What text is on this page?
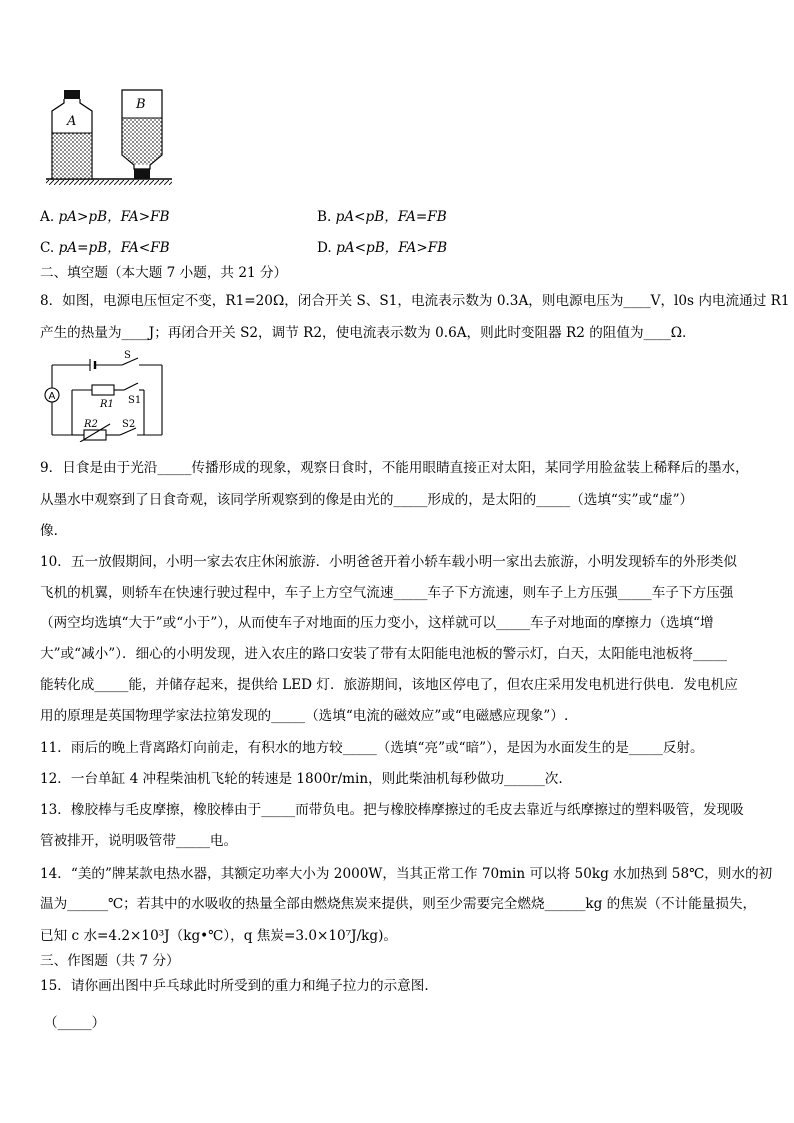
A
B
A. pA>pB，FA>FB	B. pA<pB，FA=FB
C. pA=pB，FA<FB	D. pA<pB，FA>FB
二、填空题（本大题 7 小题，共 21 分）
8．如图，电源电压恒定不变，R1=20Ω，闭合开关 S、S1，电流表示数为 0.3A，则电源电压为____V，l0s 内电流通过 R1
产生的热量为____J；再闭合开关 S2，调节 R2，使电流表示数为 0.6A，则此时变阻器 R2 的阻值为____Ω.
A
S
S1
R1
R2 S2
9．日食是由于光沿_____传播形成的现象，观察日食时，不能用眼睛直接正对太阳，某同学用脸盆装上稀释后的墨水，
从墨水中观察到了日食奇观，该同学所观察到的像是由光的_____形成的，是太阳的_____（选填“实”或“虚”）
像.
10．五一放假期间，小明一家去农庄休闲旅游．小明爸爸开着小轿车载小明一家出去旅游，小明发现轿车的外形类似
飞机的机翼，则轿车在快速行驶过程中，车子上方空气流速_____车子下方流速，则车子上方压强_____车子下方压强
（两空均选填“大于”或“小于”），从而使车子对地面的压力变小，这样就可以_____车子对地面的摩擦力（选填“增
大”或“减小”）．细心的小明发现，进入农庄的路口安装了带有太阳能电池板的警示灯，白天，太阳能电池板将_____
能转化成_____能，并储存起来，提供给 LED 灯．旅游期间，该地区停电了，但农庄采用发电机进行供电．发电机应
用的原理是英国物理学家法拉第发现的_____（选填“电流的磁效应”或“电磁感应现象”）.
11．雨后的晚上背离路灯向前走，有积水的地方较_____（选填“亮”或“暗”），是因为水面发生的是_____反射。
12．一台单缸 4 冲程柴油机飞轮的转速是 1800r/min，则此柴油机每秒做功______次.
13．橡胶棒与毛皮摩擦，橡胶棒由于_____而带负电。把与橡胶棒摩擦过的毛皮去靠近与纸摩擦过的塑料吸管，发现吸
管被排开，说明吸管带_____电。
14．“美的”牌某款电热水器，其额定功率大小为 2000W，当其正常工作 70min 可以将 50kg 水加热到 58℃，则水的初
温为______℃；若其中的水吸收的热量全部由燃烧焦炭来提供，则至少需要完全燃烧______kg 的焦炭（不计能量损失，
已知 c 水=4.2×10³J（kg•℃），q 焦炭=3.0×10⁷J/kg)。
三、作图题（共 7 分）
15．请你画出图中乒乓球此时所受到的重力和绳子拉力的示意图.
（_____）
